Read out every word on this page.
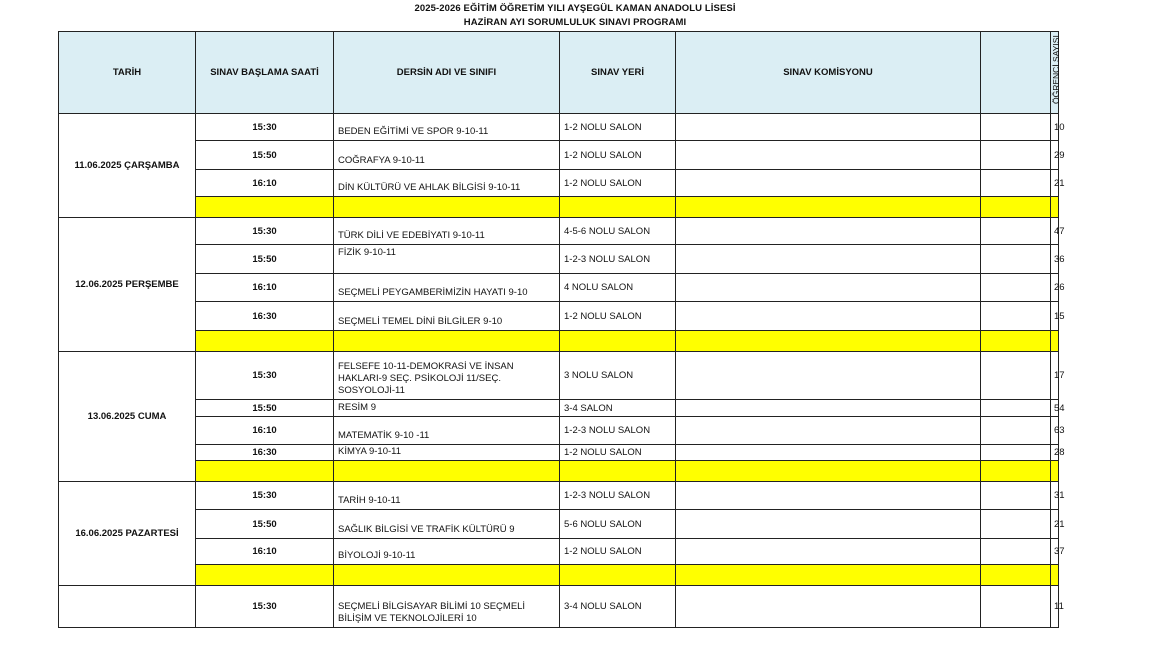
2025-2026 EĞİTİM ÖĞRETİM YILI AYŞEGÜL KAMAN ANADOLU LİSESİ
HAZİRAN AYI SORUMLULUK SINAVI PROGRAMI
TARİH	SINAV BAŞLAMA SAATİ	DERSİN ADI VE SINIFI	SINAV YERİ	SINAV KOMİSYONU		ÖĞRENCİ SAYISI

11.06.2025 ÇARŞAMBA	15:30	BEDEN EĞİTİMİ VE SPOR 9-10-11	1-2 NOLU SALON			10
	15:50	COĞRAFYA 9-10-11	1-2 NOLU SALON			29
	16:10	DİN KÜLTÜRÜ VE AHLAK BİLGİSİ 9-10-11	1-2 NOLU SALON			21

12.06.2025 PERŞEMBE	15:30	TÜRK DİLİ VE EDEBİYATI 9-10-11	4-5-6 NOLU SALON			47
	15:50	FİZİK 9-10-11	1-2-3 NOLU SALON			36
	16:10	SEÇMELİ PEYGAMBERİMİZİN HAYATI 9-10	4 NOLU SALON			26
	16:30	SEÇMELİ TEMEL DİNİ BİLGİLER 9-10	1-2 NOLU SALON			15

13.06.2025 CUMA	15:30	FELSEFE 10-11-DEMOKRASİ VE İNSAN HAKLARI-9 SEÇ. PSİKOLOJİ 11/SEÇ. SOSYOLOJİ-11	3 NOLU SALON			17
	15:50	RESİM 9	3-4 SALON			54
	16:10	MATEMATİK 9-10 -11	1-2-3 NOLU SALON			63
	16:30	KİMYA 9-10-11	1-2 NOLU SALON			28

16.06.2025 PAZARTESİ	15:30	TARİH 9-10-11	1-2-3 NOLU SALON			31
	15:50	SAĞLIK BİLGİSİ VE TRAFİK KÜLTÜRÜ 9	5-6 NOLU SALON			21
	16:10	BİYOLOJİ 9-10-11	1-2 NOLU SALON			37

	15:30	SEÇMELİ BİLGİSAYAR BİLİMİ 10 SEÇMELİ BİLİŞİM VE TEKNOLOJİLERİ 10	3-4 NOLU SALON			11
